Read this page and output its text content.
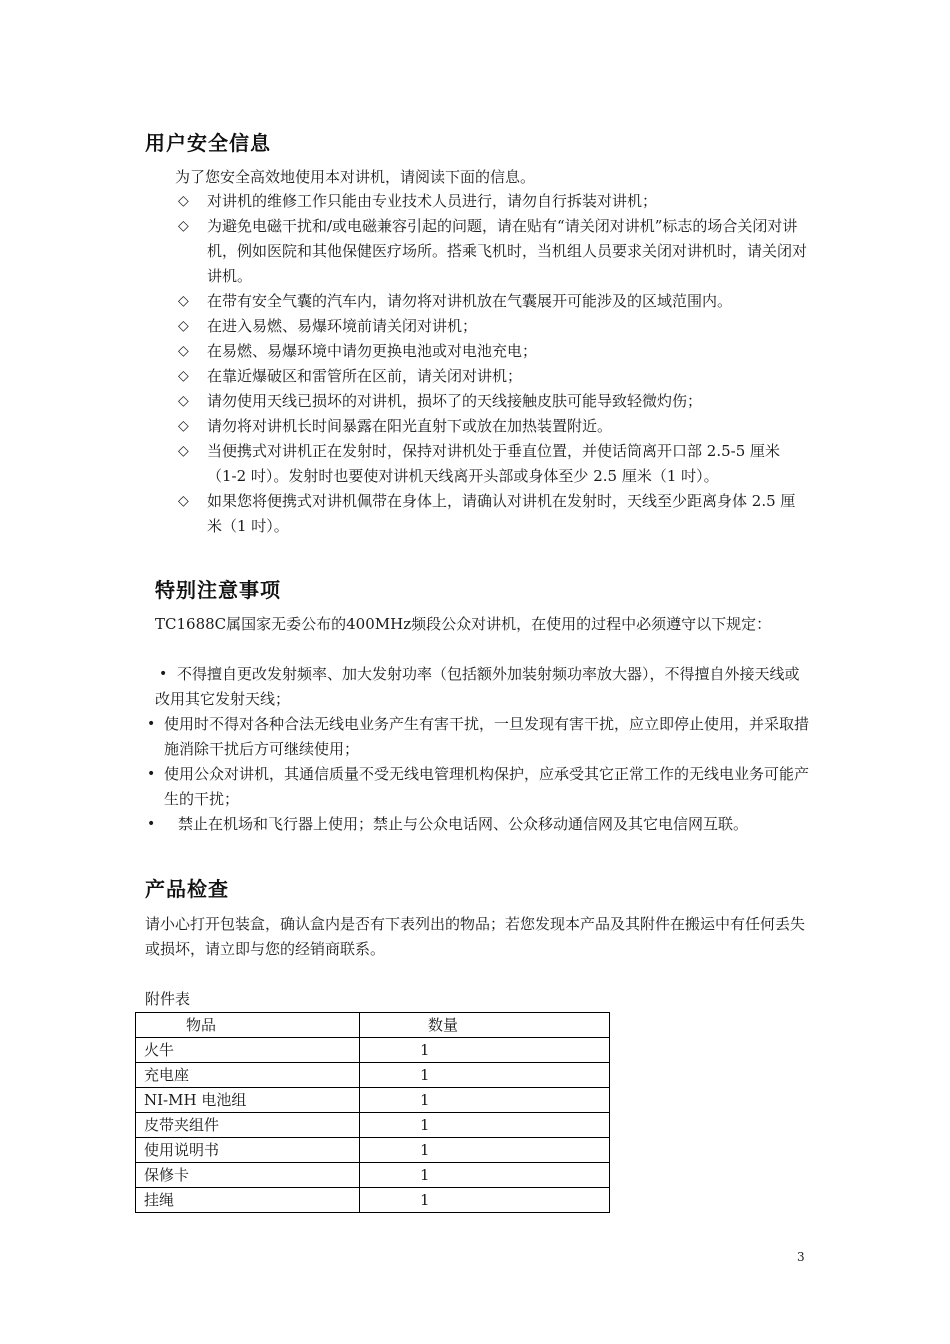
用户安全信息

为了您安全高效地使用本对讲机，请阅读下面的信息。

◇ 对讲机的维修工作只能由专业技术人员进行，请勿自行拆装对讲机；
◇ 为避免电磁干扰和/或电磁兼容引起的问题，请在贴有“请关闭对讲机”标志的场合关闭对讲机，例如医院和其他保健医疗场所。搭乘飞机时，当机组人员要求关闭对讲机时，请关闭对讲机。
◇ 在带有安全气囊的汽车内，请勿将对讲机放在气囊展开可能涉及的区域范围内。
◇ 在进入易燃、易爆环境前请关闭对讲机；
◇ 在易燃、易爆环境中请勿更换电池或对电池充电；
◇ 在靠近爆破区和雷管所在区前，请关闭对讲机；
◇ 请勿使用天线已损坏的对讲机，损坏了的天线接触皮肤可能导致轻微灼伤；
◇ 请勿将对讲机长时间暴露在阳光直射下或放在加热装置附近。
◇ 当便携式对讲机正在发射时，保持对讲机处于垂直位置，并使话筒离开口部 2.5-5 厘米（1-2 吋）。发射时也要使对讲机天线离开头部或身体至少 2.5 厘米（1 吋）。
◇ 如果您将便携式对讲机佩带在身体上，请确认对讲机在发射时，天线至少距离身体 2.5 厘米（1 吋）。
特别注意事项

TC1688C属国家无委公布的400MHz频段公众对讲机，在使用的过程中必须遵守以下规定：

• 不得擅自更改发射频率、加大发射功率（包括额外加装射频功率放大器），不得擅自外接天线或改用其它发射天线；
• 使用时不得对各种合法无线电业务产生有害干扰，一旦发现有害干扰，应立即停止使用，并采取措施消除干扰后方可继续使用；
• 使用公众对讲机，其通信质量不受无线电管理机构保护，应承受其它正常工作的无线电业务可能产生的干扰；
• 禁止在机场和飞行器上使用；禁止与公众电话网、公众移动通信网及其它电信网互联。
产品检查

请小心打开包装盒，确认盒内是否有下表列出的物品；若您发现本产品及其附件在搬运中有任何丢失或损坏，请立即与您的经销商联系。

附件表

物品	数量
火牛	1
充电座	1
NI-MH 电池组	1
皮带夹组件	1
使用说明书	1
保修卡	1
挂绳	1
3
